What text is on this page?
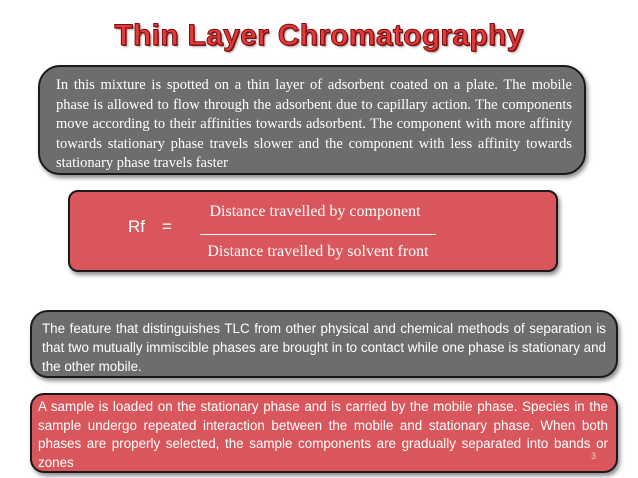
Thin Layer Chromatography
In this mixture is spotted on a thin layer of adsorbent coated on a plate. The mobile phase is allowed to flow through the adsorbent due to capillary action. The components move according to their affinities towards adsorbent. The component with more affinity towards stationary phase travels slower and the component with less affinity towards stationary phase travels faster
Rf =
Distance travelled by component
Distance travelled by solvent front
The feature that distinguishes TLC from other physical and chemical methods of separation is that two mutually immiscible phases are brought in to contact while one phase is stationary and the other mobile.
A sample is loaded on the stationary phase and is carried by the mobile phase. Species in the sample undergo repeated interaction between the mobile and stationary phase. When both phases are properly selected, the sample components are gradually separated into bands or zones	3
